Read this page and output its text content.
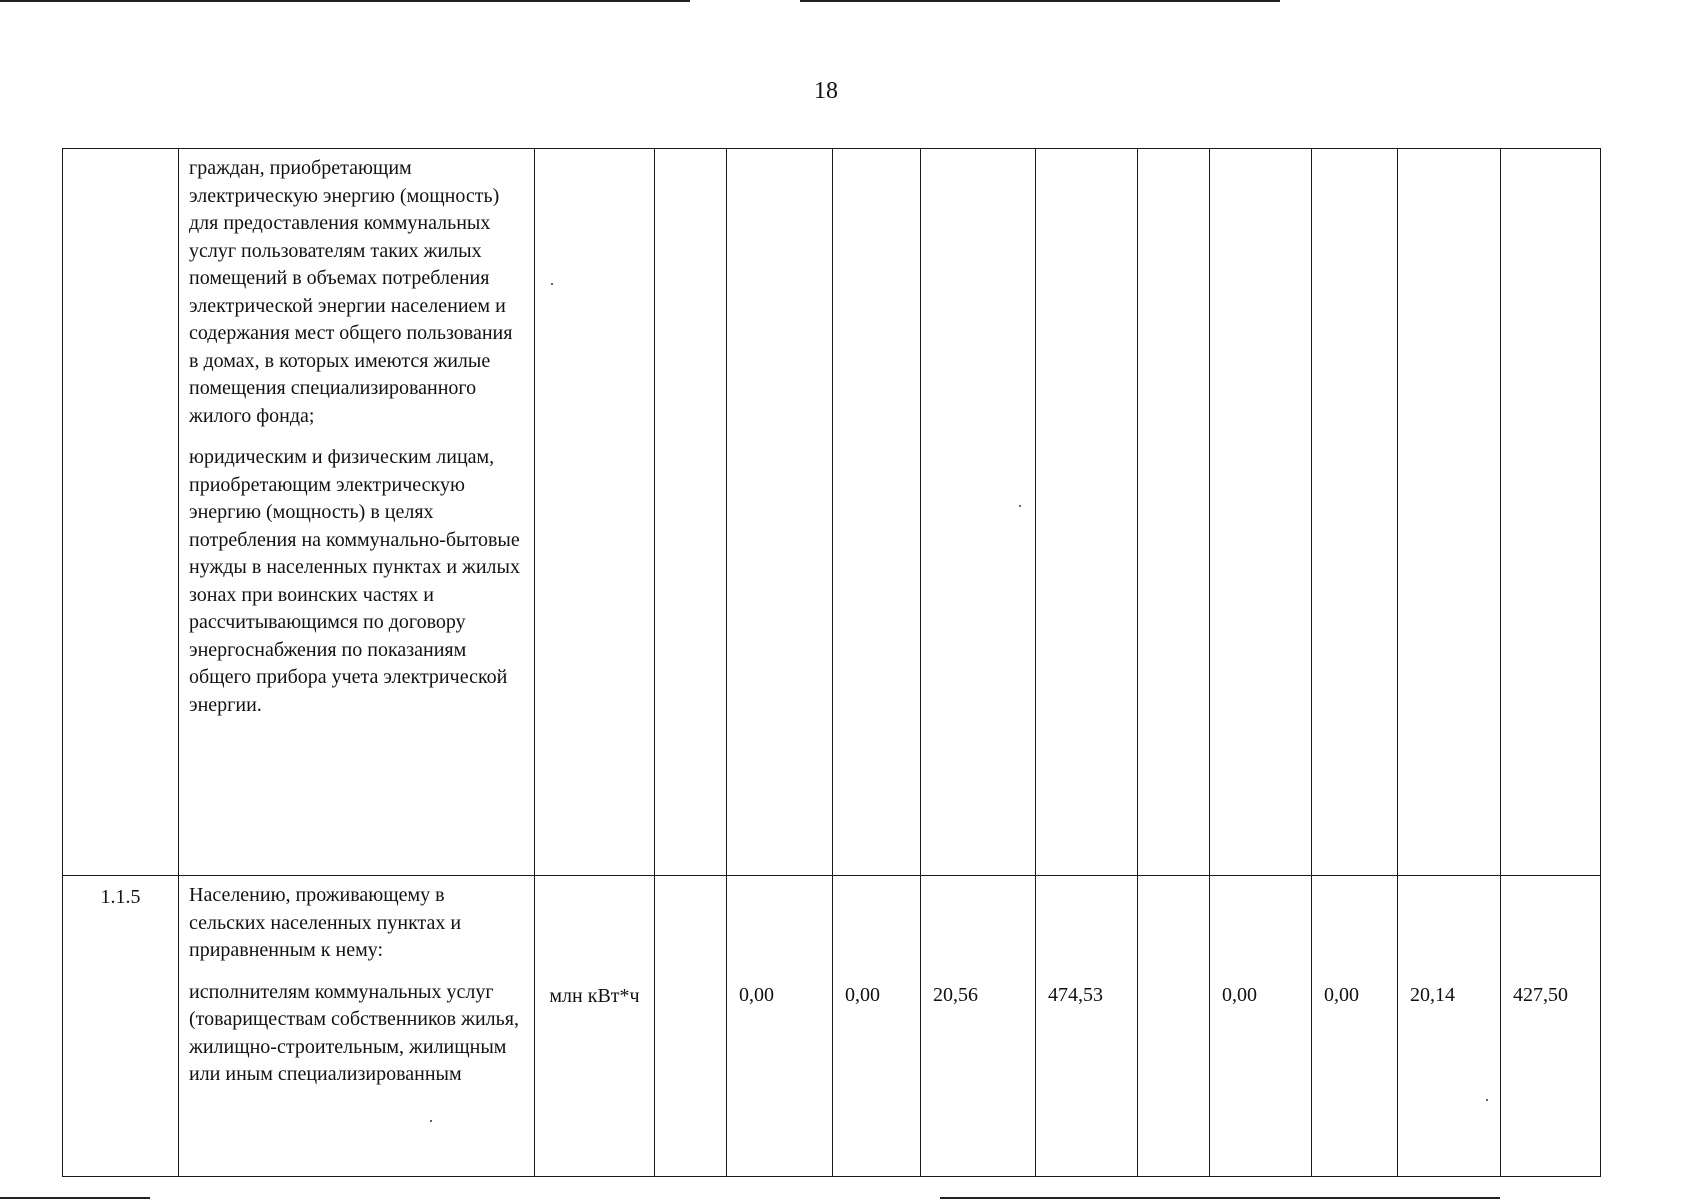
18

	граждан, приобретающим электрическую энергию (мощность) для предоставления коммунальных услуг пользователям таких жилых помещений в объемах потребления электрической энергии населением и содержания мест общего пользования в домах, в которых имеются жилые помещения специализированного жилого фонда;
юридическим и физическим лицам, приобретающим электрическую энергию (мощность) в целях потребления на коммунально-бытовые нужды в населенных пунктах и жилых зонах при воинских частях и рассчитывающимся по договору энергоснабжения по показаниям общего прибора учета электрической энергии.											

1.1.5	Населению, проживающему в сельских населенных пунктах и приравненным к нему:
исполнителям коммунальных услуг (товариществам собственников жилья, жилищно-строительным, жилищным или иным специализированным	млн кВт*ч		0,00	0,00	20,56	474,53		0,00	0,00	20,14	427,50
